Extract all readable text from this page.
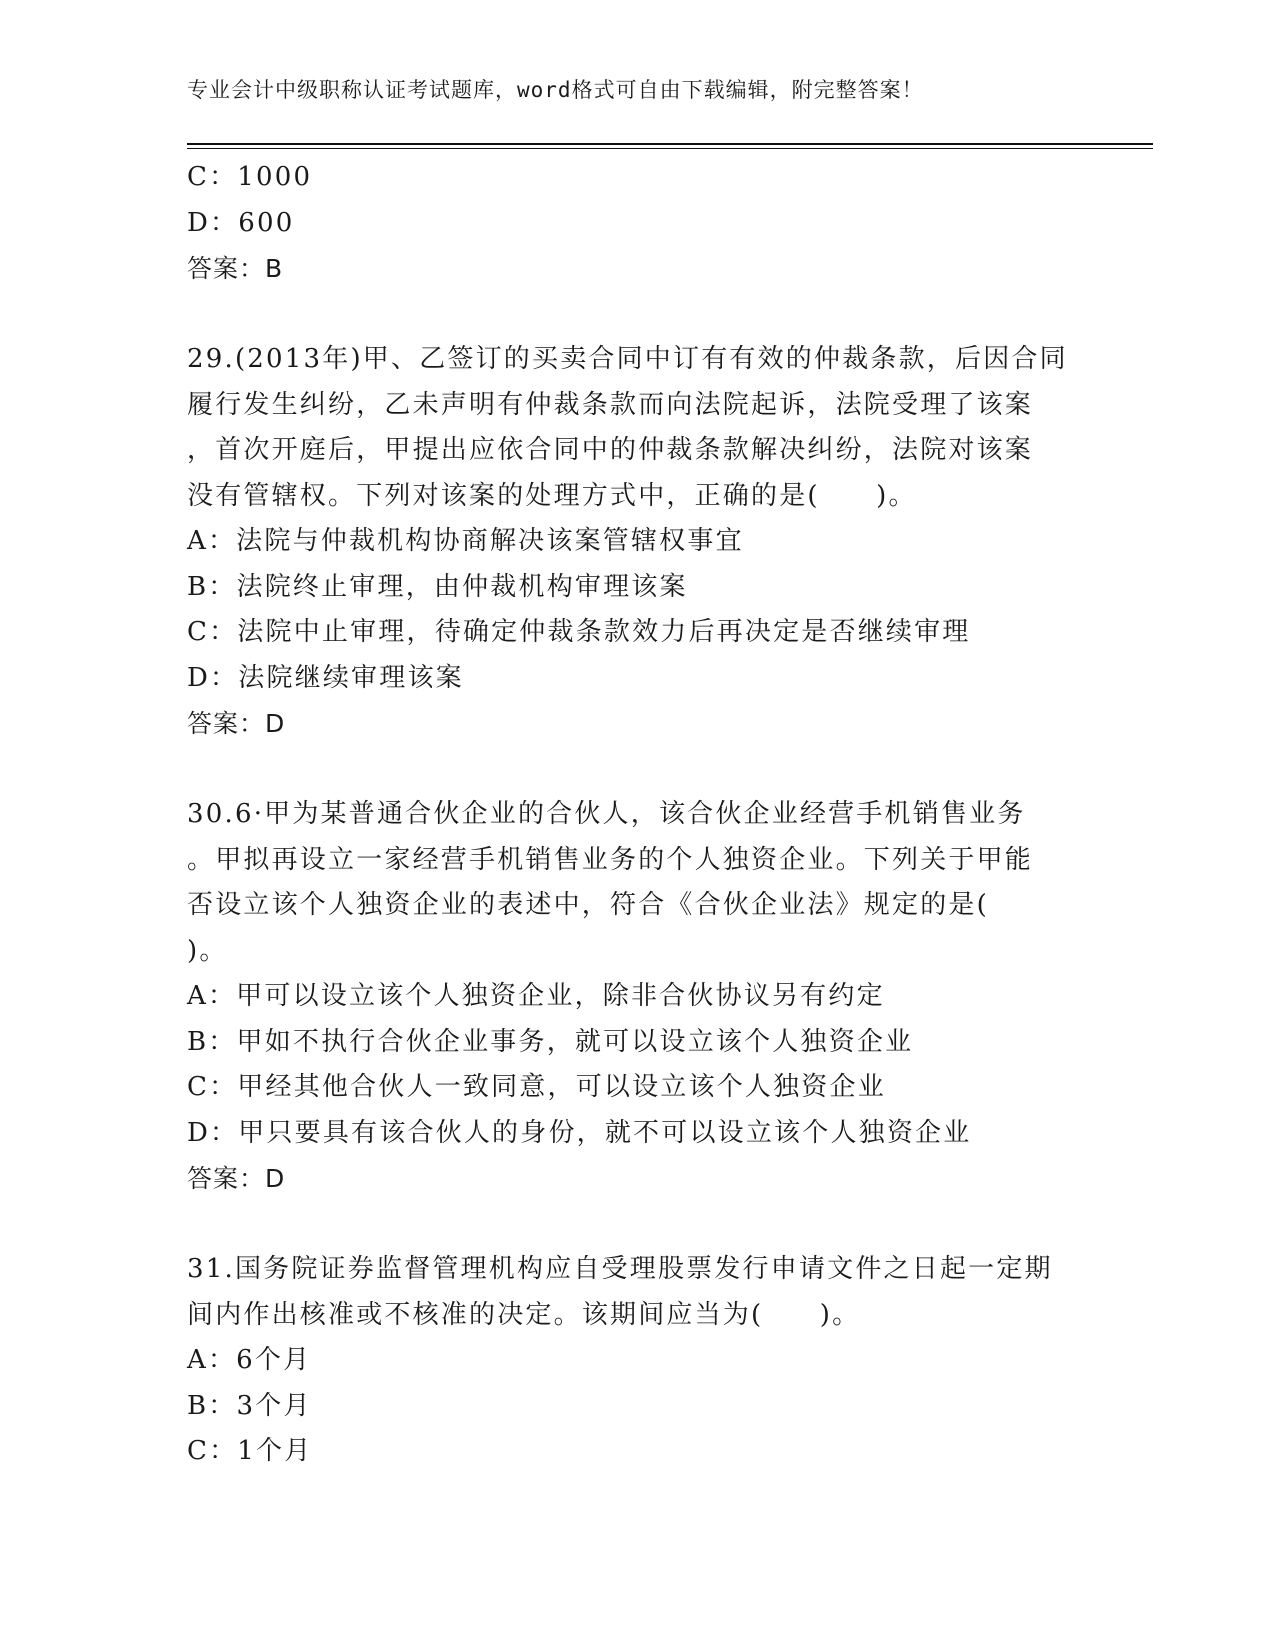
专业会计中级职称认证考试题库，word格式可自由下载编辑，附完整答案！
C：1000
D：600
答案：B
29.(2013年)甲、乙签订的买卖合同中订有有效的仲裁条款，后因合同
履行发生纠纷，乙未声明有仲裁条款而向法院起诉，法院受理了该案
，首次开庭后，甲提出应依合同中的仲裁条款解决纠纷，法院对该案
没有管辖权。下列对该案的处理方式中，正确的是(　　)。
A：法院与仲裁机构协商解决该案管辖权事宜
B：法院终止审理，由仲裁机构审理该案
C：法院中止审理，待确定仲裁条款效力后再决定是否继续审理
D：法院继续审理该案
答案：D
30.6·甲为某普通合伙企业的合伙人，该合伙企业经营手机销售业务
。甲拟再设立一家经营手机销售业务的个人独资企业。下列关于甲能
否设立该个人独资企业的表述中，符合《合伙企业法》规定的是(
)。
A：甲可以设立该个人独资企业，除非合伙协议另有约定
B：甲如不执行合伙企业事务，就可以设立该个人独资企业
C：甲经其他合伙人一致同意，可以设立该个人独资企业
D：甲只要具有该合伙人的身份，就不可以设立该个人独资企业
答案：D
31.国务院证券监督管理机构应自受理股票发行申请文件之日起一定期
间内作出核准或不核准的决定。该期间应当为(　　)。
A：6个月
B：3个月
C：1个月
